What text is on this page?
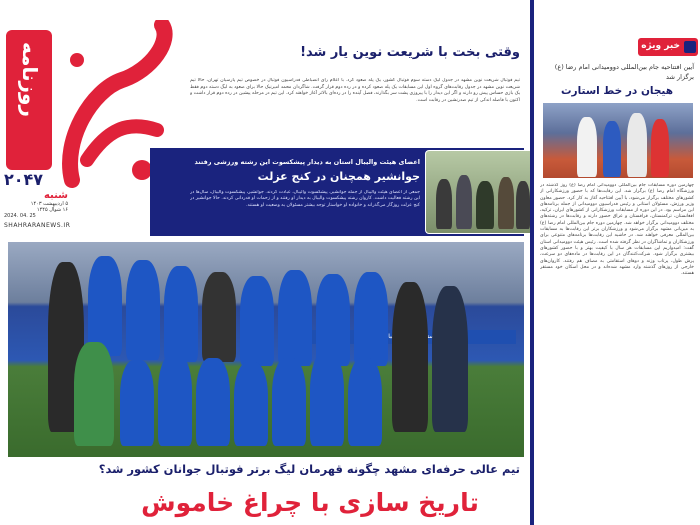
روزنامه
۲۰۴۷
شنبه
۵ اردیبهشت ۱۴۰۳
۱۶ شوال ۱۴۴۵
2024. 04. 25
SHAHRARANEWS.IR
وقتی بخت با شریعت نوین یار شد!
تیم فوتبال شریعت نوین مشهد در جدول لیگ دسته سوم فوتبال کشور، یک پله صعود کرد. با اعلام رأی انضباطی فدراسیون فوتبال در خصوص تیم پارسیان تهران، حالا تیم شریعت نوین مشهد در جدول رقابت‌های گروه اول این مسابقات یک پله صعود کرده و در رده دوم قرار گرفت. شاگردان محمد امیرنیک حالا برای صعود به لیگ دسته دوم فقط یک بازی حساس پیش رو دارند و اگر این دیدار را با پیروزی پشت سر بگذارند، فصل آینده را در رده‌ای بالاتر آغاز خواهند کرد. این تیم در مرحله پیشین در رده دوم قرار داشت و اکنون با فاصله اندکی از تیم صدرنشین در رقابت است.
اعضای هیئت والیبال استان به دیدار پیشکسوت این رشته ورزشی رفتند
جوانشیر همچنان در کنج عزلت
جمعی از اعضای هیئت والیبال از جمله جوانشیر، پیشکسوت والیبال، عبادت کردند. جوانشیر، پیشکسوت والیبال، سال‌ها در این رشته فعالیت داشت. کاروان رشته پیشکسوت والیبال به دیدار او رفتند و از زحمات او قدردانی کردند. حالا جوانشیر در کنج عزلت روزگار می‌گذراند و خانواده او خواستار توجه بیشتر مسئولان به وضعیت او هستند.
ایستگاه
تیم عالی حرفه‌ای مشهد چگونه قهرمان لیگ برتر فوتبال جوانان کشور شد؟
تاریخ سازی با چراغ خاموش
خبر ویژه
آیین افتتاحیه جام بین‌المللی دوومیدانی امام رضا (ع) برگزار شد
هیجان در خط استارت
چهارمین دوره مسابقات جام بین‌المللی دوومیدانی امام رضا (ع) روز گذشته در ورزشگاه امام رضا (ع) برگزار شد. این رقابت‌ها که با حضور ورزشکارانی از کشورهای مختلف برگزار می‌شود، با آیین افتتاحیه آغاز به کار کرد. حضور معاون وزیر ورزش، مسئولان استانی و رئیس فدراسیون دوومیدانی از جمله برنامه‌های این مراسم بود. در این دوره از مسابقات ورزشکارانی از کشورهای ایران، ترکیه، افغانستان، ترکمنستان، قزاقستان و عراق حضور دارند و رقابت‌ها در رشته‌های مختلف دوومیدانی برگزار خواهد شد. چهارمین دوره جام بین‌المللی امام رضا (ع) به میزبانی مشهد برگزار می‌شود و ورزشکاران برتر این رقابت‌ها به مسابقات بین‌المللی معرفی خواهند شد. در حاشیه این رقابت‌ها برنامه‌های متنوعی برای ورزشکاران و تماشاگران در نظر گرفته شده است. رئیس هیئت دوومیدانی استان گفت: امیدواریم این مسابقات هر سال با کیفیت بهتر و با حضور کشورهای بیشتری برگزار شود. شرکت‌کنندگان در این رقابت‌ها در ماده‌های دو سرعت، پرش طول، پرتاب وزنه و دوهای استقامتی به مصاف هم رفتند. کاروان‌های خارجی از روزهای گذشته وارد مشهد شده‌اند و در محل اسکان خود مستقر هستند.
